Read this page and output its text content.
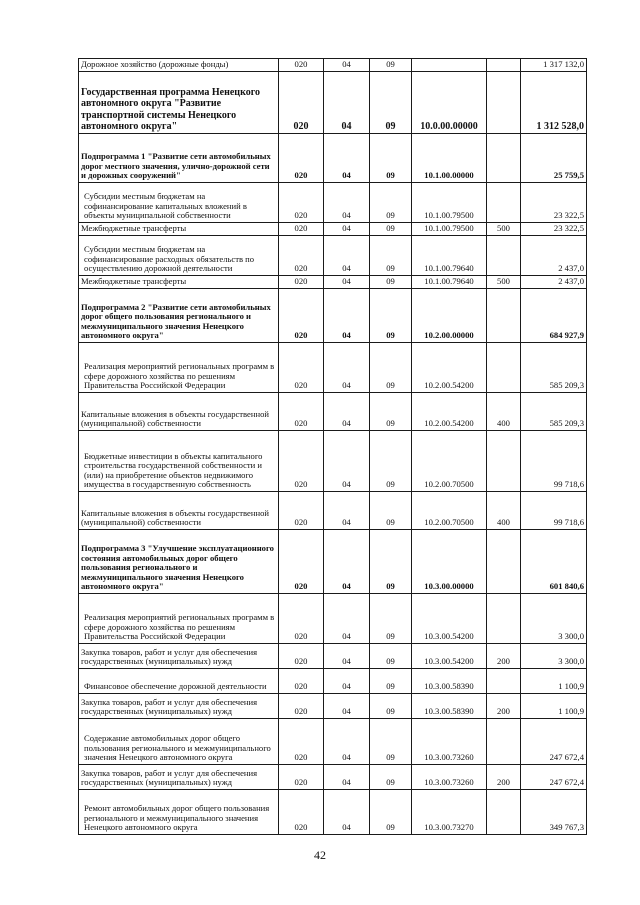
Дорожное хозяйство (дорожные фонды)	020	04	09			1 317 132,0
Государственная программа Ненецкого автономного округа "Развитие транспортной системы Ненецкого автономного округа"	020	04	09	10.0.00.00000		1 312 528,0
Подпрограмма 1 "Развитие сети автомобильных дорог местного значения, улично-дорожной сети и дорожных сооружений"	020	04	09	10.1.00.00000		25 759,5
Субсидии местным бюджетам на софинансирование капитальных вложений в объекты муниципальной собственности	020	04	09	10.1.00.79500		23 322,5
Межбюджетные трансферты	020	04	09	10.1.00.79500	500	23 322,5
Субсидии местным бюджетам на софинансирование расходных обязательств по осуществлению дорожной деятельности	020	04	09	10.1.00.79640		2 437,0
Межбюджетные трансферты	020	04	09	10.1.00.79640	500	2 437,0
Подпрограмма 2 "Развитие сети автомобильных дорог общего пользования регионального и межмуниципального значения Ненецкого автономного округа"	020	04	09	10.2.00.00000		684 927,9
Реализация мероприятий региональных программ в сфере дорожного хозяйства по решениям Правительства Российской Федерации	020	04	09	10.2.00.54200		585 209,3
Капитальные вложения в объекты государственной (муниципальной) собственности	020	04	09	10.2.00.54200	400	585 209,3
Бюджетные инвестиции в объекты капитального строительства государственной собственности и (или) на приобретение объектов недвижимого имущества в государственную собственность	020	04	09	10.2.00.70500		99 718,6
Капитальные вложения в объекты государственной (муниципальной) собственности	020	04	09	10.2.00.70500	400	99 718,6
Подпрограмма 3 "Улучшение эксплуатационного состояния автомобильных дорог общего пользования регионального и межмуниципального значения Ненецкого автономного округа"	020	04	09	10.3.00.00000		601 840,6
Реализация мероприятий региональных программ в сфере дорожного хозяйства по решениям Правительства Российской Федерации	020	04	09	10.3.00.54200		3 300,0
Закупка товаров, работ и услуг для обеспечения государственных (муниципальных) нужд	020	04	09	10.3.00.54200	200	3 300,0
Финансовое обеспечение дорожной деятельности	020	04	09	10.3.00.58390		1 100,9
Закупка товаров, работ и услуг для обеспечения государственных (муниципальных) нужд	020	04	09	10.3.00.58390	200	1 100,9
Содержание автомобильных дорог общего пользования регионального и межмуниципального значения Ненецкого автономного округа	020	04	09	10.3.00.73260		247 672,4
Закупка товаров, работ и услуг для обеспечения государственных (муниципальных) нужд	020	04	09	10.3.00.73260	200	247 672,4
Ремонт автомобильных дорог общего пользования регионального и межмуниципального значения Ненецкого автономного округа	020	04	09	10.3.00.73270		349 767,3
42
